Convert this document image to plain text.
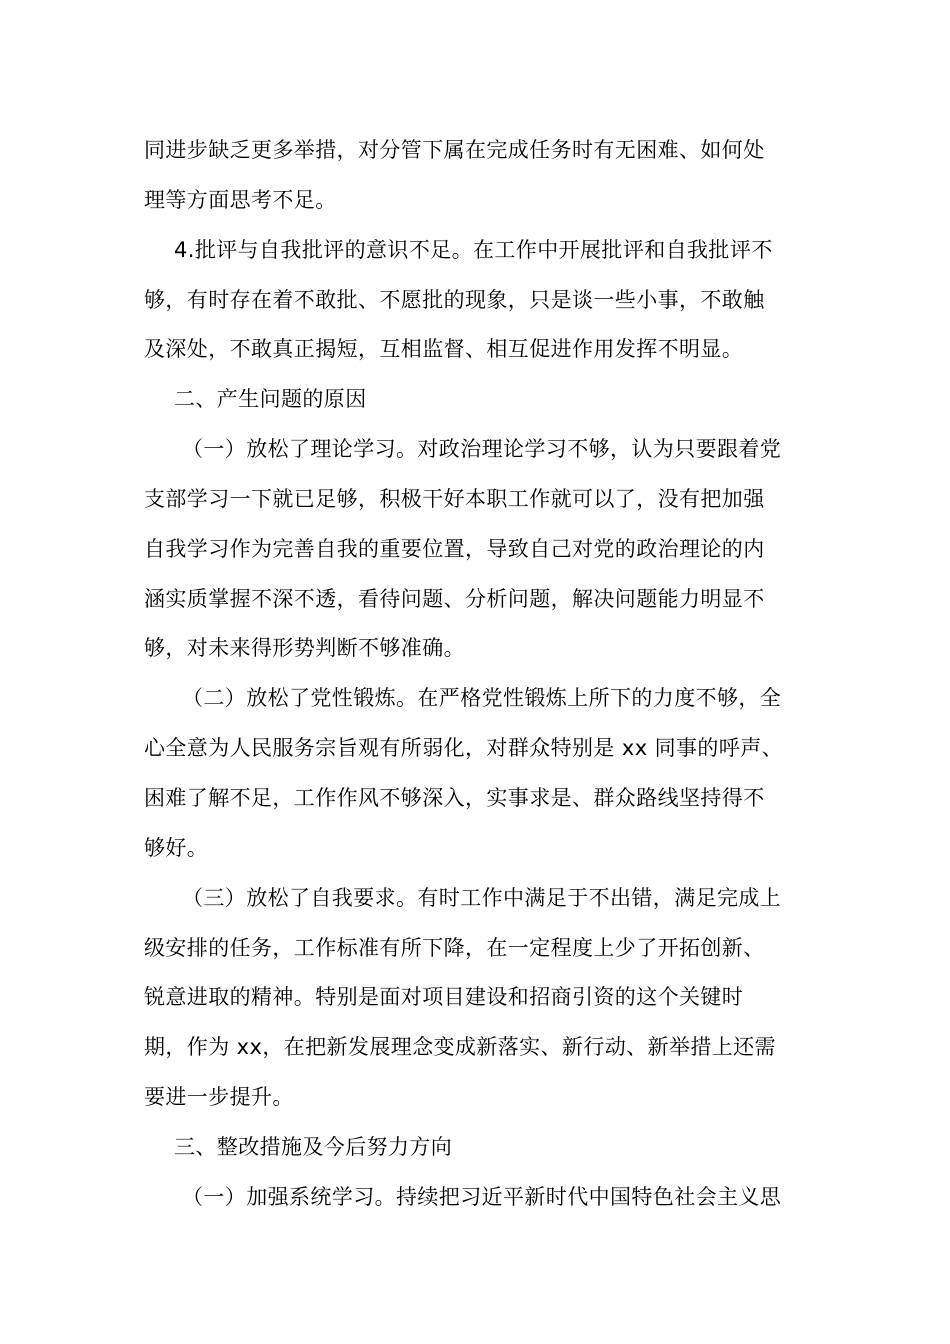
同进步缺乏更多举措，对分管下属在完成任务时有无困难、如何处
理等方面思考不足。
4.批评与自我批评的意识不足。在工作中开展批评和自我批评不
够，有时存在着不敢批、不愿批的现象，只是谈一些小事，不敢触
及深处，不敢真正揭短，互相监督、相互促进作用发挥不明显。
二、产生问题的原因
（一）放松了理论学习。对政治理论学习不够，认为只要跟着党
支部学习一下就已足够，积极干好本职工作就可以了，没有把加强
自我学习作为完善自我的重要位置，导致自己对党的政治理论的内
涵实质掌握不深不透，看待问题、分析问题，解决问题能力明显不
够，对未来得形势判断不够准确。
（二）放松了党性锻炼。在严格党性锻炼上所下的力度不够，全
心全意为人民服务宗旨观有所弱化，对群众特别是 xx 同事的呼声、
困难了解不足，工作作风不够深入，实事求是、群众路线坚持得不
够好。
（三）放松了自我要求。有时工作中满足于不出错，满足完成上
级安排的任务，工作标准有所下降，在一定程度上少了开拓创新、
锐意进取的精神。特别是面对项目建设和招商引资的这个关键时
期，作为 xx，在把新发展理念变成新落实、新行动、新举措上还需
要进一步提升。
三、整改措施及今后努力方向
（一）加强系统学习。持续把习近平新时代中国特色社会主义思
